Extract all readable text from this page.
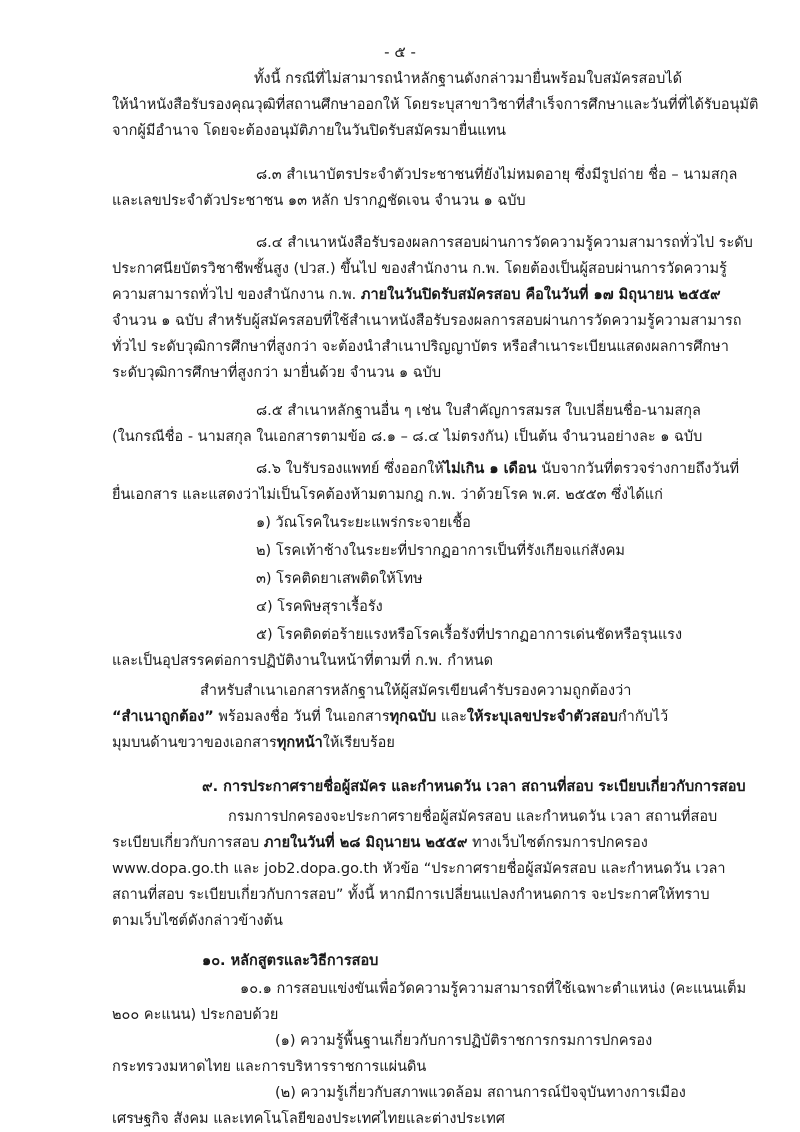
- ๕ -
ทั้งนี้ กรณีที่ไม่สามารถนำหลักฐานดังกล่าวมายื่นพร้อมใบสมัครสอบได้
ให้นำหนังสือรับรองคุณวุฒิที่สถานศึกษาออกให้ โดยระบุสาขาวิชาที่สำเร็จการศึกษาและวันที่ที่ได้รับอนุมัติ
จากผู้มีอำนาจ โดยจะต้องอนุมัติภายในวันปิดรับสมัครมายื่นแทน
๘.๓ สำเนาบัตรประจำตัวประชาชนที่ยังไม่หมดอายุ ซึ่งมีรูปถ่าย ชื่อ – นามสกุล
และเลขประจำตัวประชาชน ๑๓ หลัก ปรากฏชัดเจน จำนวน ๑ ฉบับ
๘.๔ สำเนาหนังสือรับรองผลการสอบผ่านการวัดความรู้ความสามารถทั่วไป ระดับ
ประกาศนียบัตรวิชาชีพชั้นสูง (ปวส.) ขึ้นไป ของสำนักงาน ก.พ. โดยต้องเป็นผู้สอบผ่านการวัดความรู้
ความสามารถทั่วไป ของสำนักงาน ก.พ. ภายในวันปิดรับสมัครสอบ คือในวันที่ ๑๗ มิถุนายน ๒๕๕๙
จำนวน ๑ ฉบับ สำหรับผู้สมัครสอบที่ใช้สำเนาหนังสือรับรองผลการสอบผ่านการวัดความรู้ความสามารถ
ทั่วไป ระดับวุฒิการศึกษาที่สูงกว่า จะต้องนำสำเนาปริญญาบัตร หรือสำเนาระเบียนแสดงผลการศึกษา
ระดับวุฒิการศึกษาที่สูงกว่า มายื่นด้วย จำนวน ๑ ฉบับ
๘.๕ สำเนาหลักฐานอื่น ๆ เช่น ใบสำคัญการสมรส ใบเปลี่ยนชื่อ-นามสกุล
(ในกรณีชื่อ - นามสกุล ในเอกสารตามข้อ ๘.๑ – ๘.๔ ไม่ตรงกัน) เป็นต้น จำนวนอย่างละ ๑ ฉบับ
๘.๖ ใบรับรองแพทย์ ซึ่งออกให้ไม่เกิน ๑ เดือน นับจากวันที่ตรวจร่างกายถึงวันที่
ยื่นเอกสาร และแสดงว่าไม่เป็นโรคต้องห้ามตามกฎ ก.พ. ว่าด้วยโรค พ.ศ. ๒๕๕๓ ซึ่งได้แก่
๑) วัณโรคในระยะแพร่กระจายเชื้อ
๒) โรคเท้าช้างในระยะที่ปรากฏอาการเป็นที่รังเกียจแก่สังคม
๓) โรคติดยาเสพติดให้โทษ
๔) โรคพิษสุราเรื้อรัง
๕) โรคติดต่อร้ายแรงหรือโรคเรื้อรังที่ปรากฏอาการเด่นชัดหรือรุนแรง
และเป็นอุปสรรคต่อการปฏิบัติงานในหน้าที่ตามที่ ก.พ. กำหนด
สำหรับสำเนาเอกสารหลักฐานให้ผู้สมัครเขียนคำรับรองความถูกต้องว่า
“สำเนาถูกต้อง” พร้อมลงชื่อ วันที่ ในเอกสารทุกฉบับ และให้ระบุเลขประจำตัวสอบกำกับไว้
มุมบนด้านขวาของเอกสารทุกหน้าให้เรียบร้อย
๙. การประกาศรายชื่อผู้สมัคร และกำหนดวัน เวลา สถานที่สอบ ระเบียบเกี่ยวกับการสอบ
กรมการปกครองจะประกาศรายชื่อผู้สมัครสอบ และกำหนดวัน เวลา สถานที่สอบ
ระเบียบเกี่ยวกับการสอบ ภายในวันที่ ๒๘ มิถุนายน ๒๕๕๙ ทางเว็บไซต์กรมการปกครอง
www.dopa.go.th และ job2.dopa.go.th หัวข้อ “ประกาศรายชื่อผู้สมัครสอบ และกำหนดวัน เวลา
สถานที่สอบ ระเบียบเกี่ยวกับการสอบ” ทั้งนี้ หากมีการเปลี่ยนแปลงกำหนดการ จะประกาศให้ทราบ
ตามเว็บไซต์ดังกล่าวข้างต้น
๑๐. หลักสูตรและวิธีการสอบ
๑๐.๑ การสอบแข่งขันเพื่อวัดความรู้ความสามารถที่ใช้เฉพาะตำแหน่ง (คะแนนเต็ม
๒๐๐ คะแนน) ประกอบด้วย
(๑) ความรู้พื้นฐานเกี่ยวกับการปฏิบัติราชการกรมการปกครอง
กระทรวงมหาดไทย และการบริหารราชการแผ่นดิน
(๒) ความรู้เกี่ยวกับสภาพแวดล้อม สถานการณ์ปัจจุบันทางการเมือง
เศรษฐกิจ สังคม และเทคโนโลยีของประเทศไทยและต่างประเทศ
